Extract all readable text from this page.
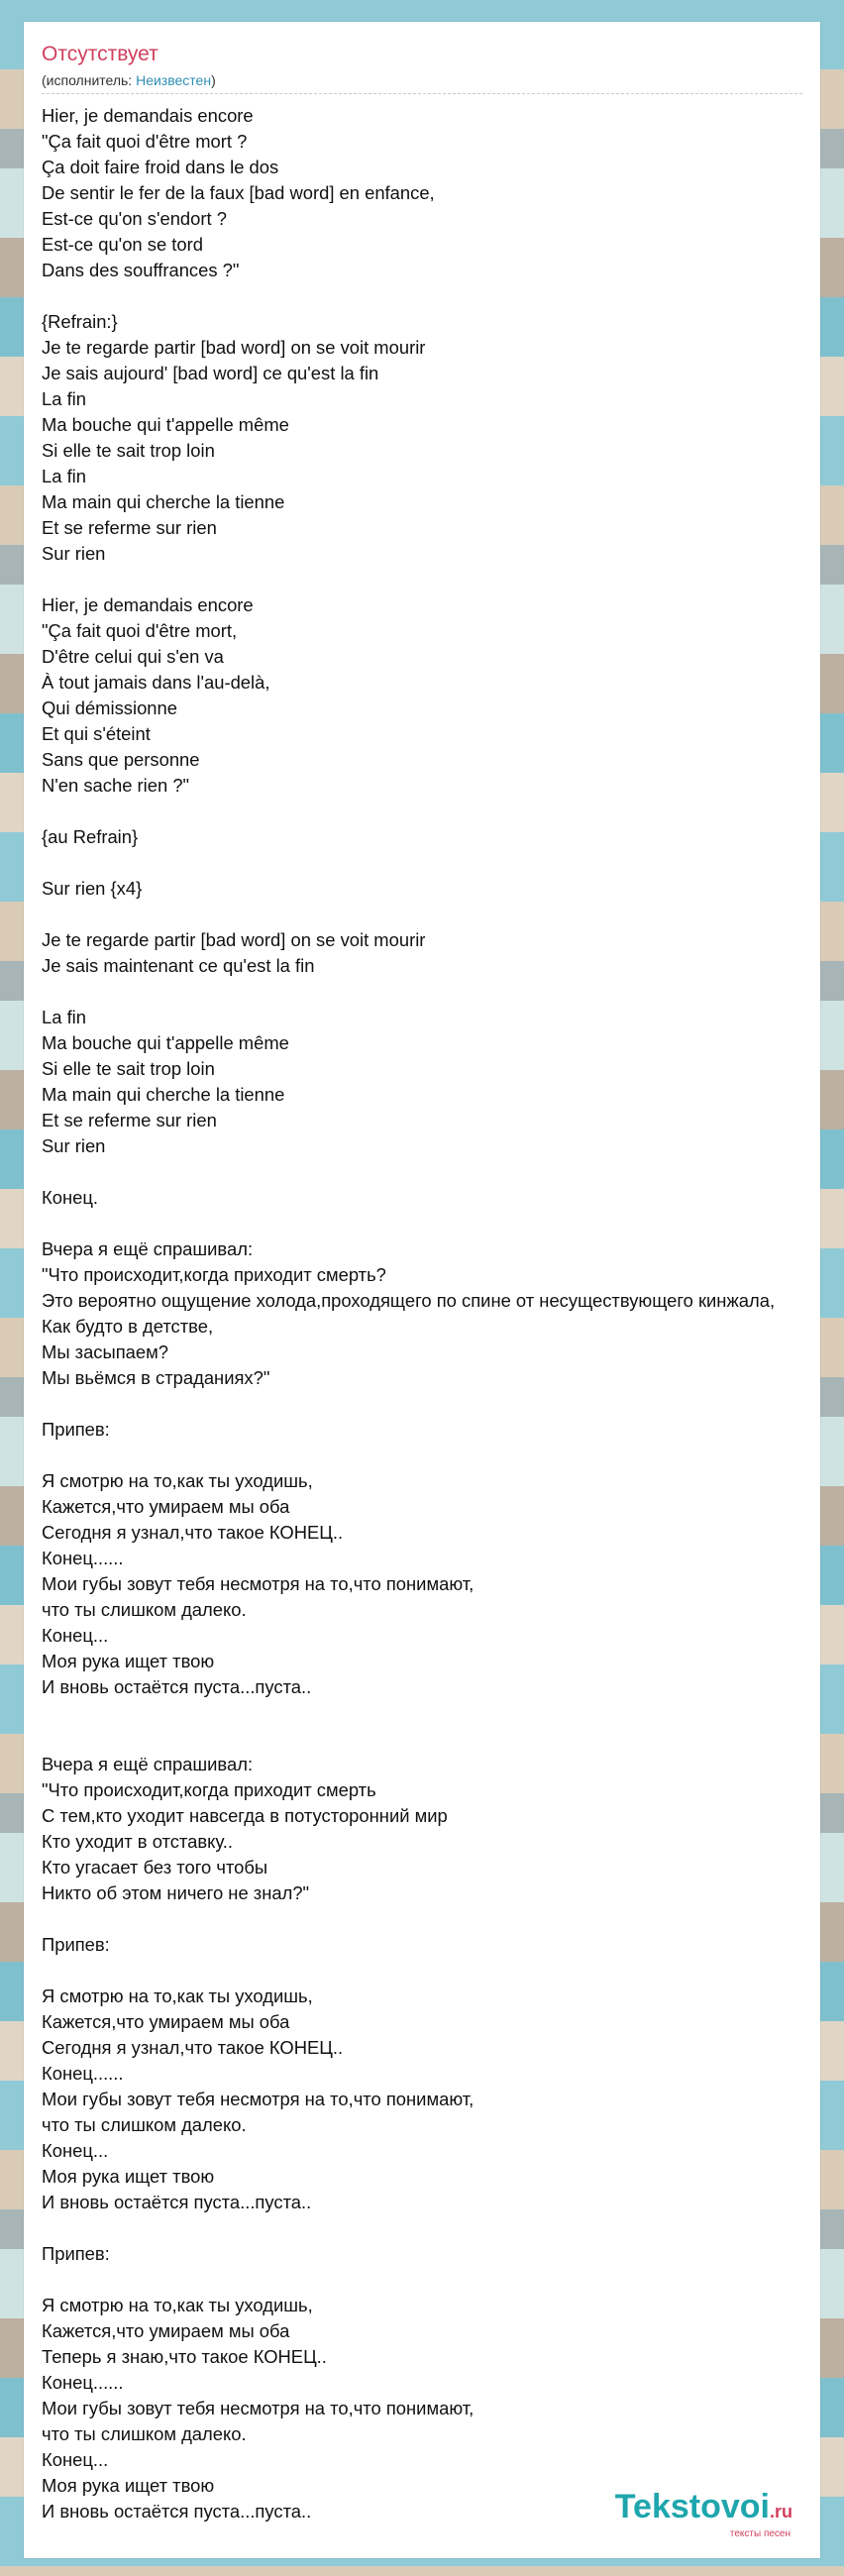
Отсутствует
(исполнитель: Неизвестен)
Hier, je demandais encore
"Ça fait quoi d'être mort ?
Ça doit faire froid dans le dos
De sentir le fer de la faux [bad word] en enfance,
Est-ce qu'on s'endort ?
Est-ce qu'on se tord
Dans des souffrances ?"
{Refrain:}
Je te regarde partir [bad word] on se voit mourir
Je sais aujourd' [bad word] ce qu'est la fin
La fin
Ma bouche qui t'appelle même
Si elle te sait trop loin
La fin
Ma main qui cherche la tienne
Et se referme sur rien
Sur rien
Hier, je demandais encore
"Ça fait quoi d'être mort,
D'être celui qui s'en va
À tout jamais dans l'au-delà,
Qui démissionne
Et qui s'éteint
Sans que personne
N'en sache rien ?"
{au Refrain}
Sur rien {x4}
Je te regarde partir [bad word] on se voit mourir
Je sais maintenant ce qu'est la fin
La fin
Ma bouche qui t'appelle même
Si elle te sait trop loin
Ma main qui cherche la tienne
Et se referme sur rien
Sur rien
Конец.
Вчера я ещё спрашивал:
"Что происходит,когда приходит смерть?
Это вероятно ощущение холода,проходящего по спине от несуществующего кинжала,
Как будто в детстве,
Мы засыпаем?
Мы вьёмся в страданиях?"
Припев:
Я смотрю на то,как ты уходишь,
Кажется,что умираем мы оба
Сегодня я узнал,что такое КОНЕЦ..
Конец......
Мои губы зовут тебя несмотря на то,что понимают,
что ты слишком далеко.
Конец...
Моя рука ищет твою
И вновь остаётся пуста...пуста..
Вчера я ещё спрашивал:
"Что происходит,когда приходит смерть
С тем,кто уходит навсегда в потусторонний мир
Кто уходит в отставку..
Кто угасает без того чтобы
Никто об этом ничего не знал?"
Припев:
Я смотрю на то,как ты уходишь,
Кажется,что умираем мы оба
Сегодня я узнал,что такое КОНЕЦ..
Конец......
Мои губы зовут тебя несмотря на то,что понимают,
что ты слишком далеко.
Конец...
Моя рука ищет твою
И вновь остаётся пуста...пуста..
Припев:
Я смотрю на то,как ты уходишь,
Кажется,что умираем мы оба
Теперь я знаю,что такое КОНЕЦ..
Конец......
Мои губы зовут тебя несмотря на то,что понимают,
что ты слишком далеко.
Конец...
Моя рука ищет твою
И вновь остаётся пуста...пуста..	Tekstovoi.ru
тексты песен
